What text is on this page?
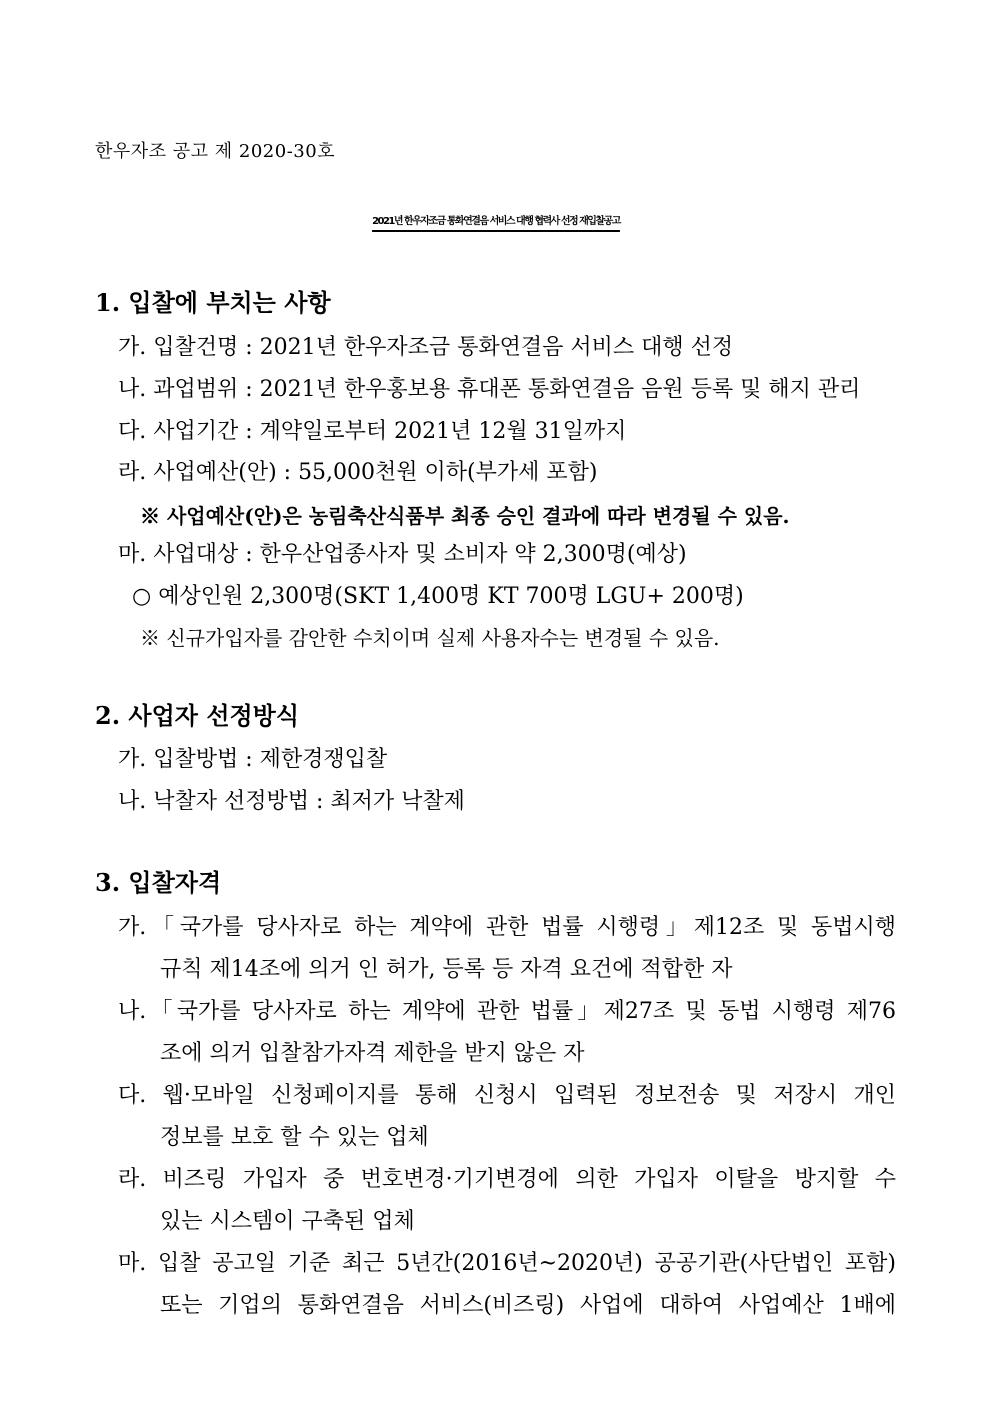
한우자조 공고 제 2020-30호
2021년 한우자조금 통화연결음 서비스 대행 협력사 선정 재입찰공고
1. 입찰에 부치는 사항
가. 입찰건명 : 2021년 한우자조금 통화연결음 서비스 대행 선정
나. 과업범위 : 2021년 한우홍보용 휴대폰 통화연결음 음원 등록 및 해지 관리
다. 사업기간 : 계약일로부터 2021년 12월 31일까지
라. 사업예산(안) : 55,000천원 이하(부가세 포함)
※ 사업예산(안)은 농림축산식품부 최종 승인 결과에 따라 변경될 수 있음.
마. 사업대상 : 한우산업종사자 및 소비자 약 2,300명(예상)
○ 예상인원 2,300명(SKT 1,400명 KT 700명 LGU+ 200명)
※ 신규가입자를 감안한 수치이며 실제 사용자수는 변경될 수 있음.
2. 사업자 선정방식
가. 입찰방법 : 제한경쟁입찰
나. 낙찰자 선정방법 : 최저가 낙찰제
3. 입찰자격
가.「국가를 당사자로 하는 계약에 관한 법률 시행령」제12조 및 동법시행
규칙 제14조에 의거 인 허가, 등록 등 자격 요건에 적합한 자
나.「국가를 당사자로 하는 계약에 관한 법률」제27조 및 동법 시행령 제76
조에 의거 입찰참가자격 제한을 받지 않은 자
다. 웹·모바일 신청페이지를 통해 신청시 입력된 정보전송 및 저장시 개인
정보를 보호 할 수 있는 업체
라. 비즈링 가입자 중 번호변경·기기변경에 의한 가입자 이탈을 방지할 수
있는 시스템이 구축된 업체
마. 입찰 공고일 기준 최근 5년간(2016년~2020년) 공공기관(사단법인 포함)
또는 기업의 통화연결음 서비스(비즈링) 사업에 대하여 사업예산 1배에
